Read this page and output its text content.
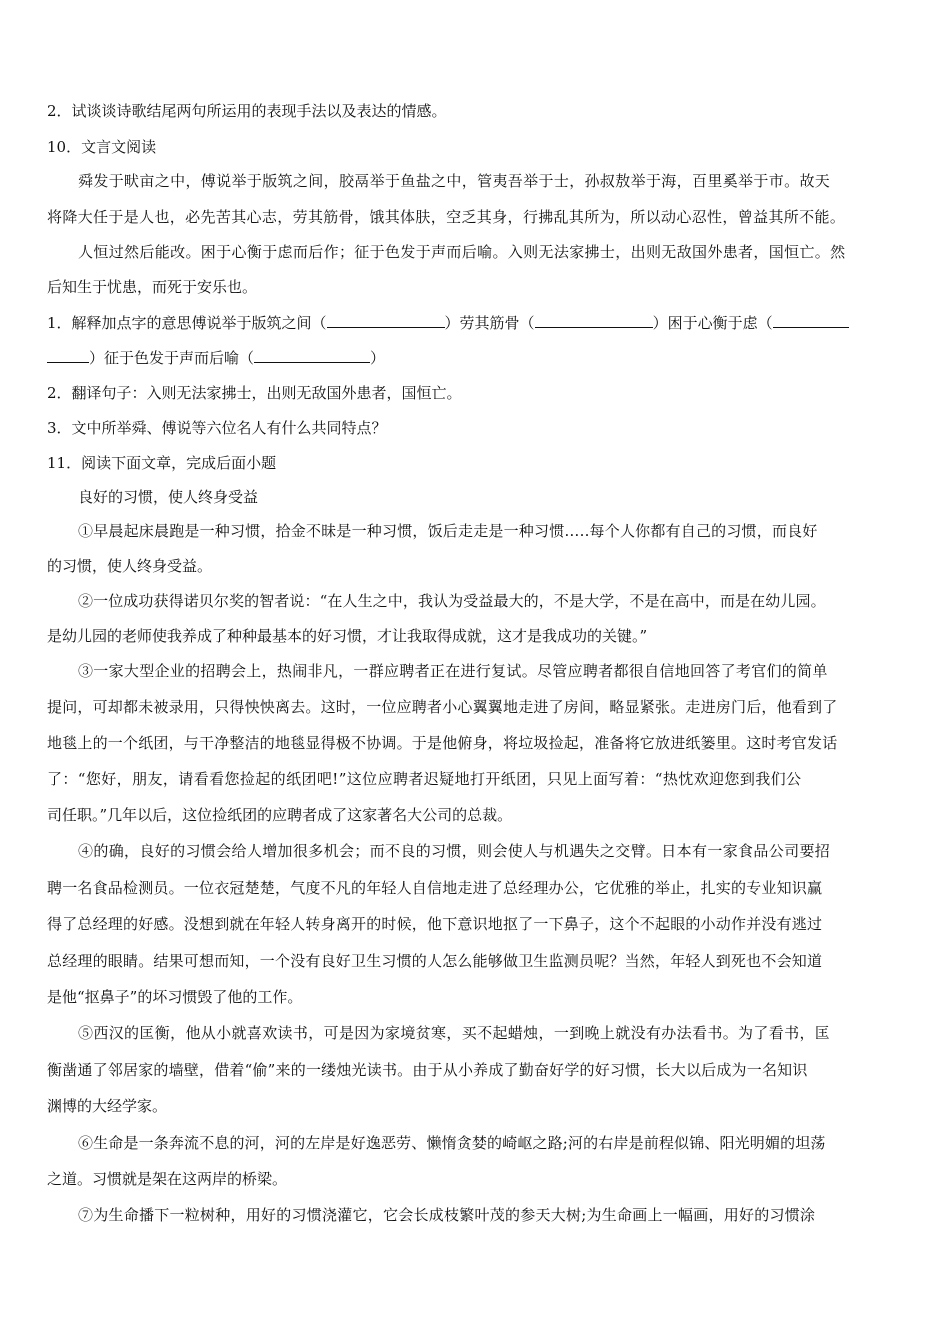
2．试谈谈诗歌结尾两句所运用的表现手法以及表达的情感。
10．文言文阅读
舜发于畎亩之中，傅说举于版筑之间，胶鬲举于鱼盐之中，管夷吾举于士，孙叔敖举于海，百里奚举于市。故天
将降大任于是人也，必先苦其心志，劳其筋骨，饿其体肤，空乏其身，行拂乱其所为，所以动心忍性，曾益其所不能。
人恒过然后能改。困于心衡于虑而后作；征于色发于声而后喻。入则无法家拂士，出则无敌国外患者，国恒亡。然
后知生于忧患，而死于安乐也。
1．解释加点字的意思傅说举于版筑之间（	）劳其筋骨（	）困于心衡于虑（
）征于色发于声而后喻（	）
2．翻译句子：入则无法家拂士，出则无敌国外患者，国恒亡。
3．文中所举舜、傅说等六位名人有什么共同特点？
11．阅读下面文章，完成后面小题
良好的习惯，使人终身受益
①早晨起床晨跑是一种习惯，拾金不昧是一种习惯，饭后走走是一种习惯…..每个人你都有自己的习惯，而良好
的习惯，使人终身受益。
②一位成功获得诺贝尔奖的智者说：“在人生之中，我认为受益最大的，不是大学，不是在高中，而是在幼儿园。
是幼儿园的老师使我养成了种种最基本的好习惯，才让我取得成就，这才是我成功的关键。”
③一家大型企业的招聘会上，热闹非凡，一群应聘者正在进行复试。尽管应聘者都很自信地回答了考官们的简单
提问，可却都未被录用，只得怏怏离去。这时，一位应聘者小心翼翼地走进了房间，略显紧张。走进房门后，他看到了
地毯上的一个纸团，与干净整洁的地毯显得极不协调。于是他俯身，将垃圾捡起，准备将它放进纸篓里。这时考官发话
了：“您好，朋友，请看看您捡起的纸团吧!”这位应聘者迟疑地打开纸团，只见上面写着：“热忱欢迎您到我们公
司任职。”几年以后，这位捡纸团的应聘者成了这家著名大公司的总裁。
④的确，良好的习惯会给人增加很多机会；而不良的习惯，则会使人与机遇失之交臂。日本有一家食品公司要招
聘一名食品检测员。一位衣冠楚楚，气度不凡的年轻人自信地走进了总经理办公，它优雅的举止，扎实的专业知识赢
得了总经理的好感。没想到就在年轻人转身离开的时候，他下意识地抠了一下鼻子，这个不起眼的小动作并没有逃过
总经理的眼睛。结果可想而知，一个没有良好卫生习惯的人怎么能够做卫生监测员呢？当然，年轻人到死也不会知道
是他“抠鼻子”的坏习惯毁了他的工作。
⑤西汉的匡衡，他从小就喜欢读书，可是因为家境贫寒，买不起蜡烛，一到晚上就没有办法看书。为了看书，匡
衡凿通了邻居家的墙壁，借着“偷”来的一缕烛光读书。由于从小养成了勤奋好学的好习惯，长大以后成为一名知识
渊博的大经学家。
⑥生命是一条奔流不息的河，河的左岸是好逸恶劳、懒惰贪婪的崎岖之路;河的右岸是前程似锦、阳光明媚的坦荡
之道。习惯就是架在这两岸的桥梁。
⑦为生命播下一粒树种，用好的习惯浇灌它，它会长成枝繁叶茂的参天大树;为生命画上一幅画，用好的习惯涂
